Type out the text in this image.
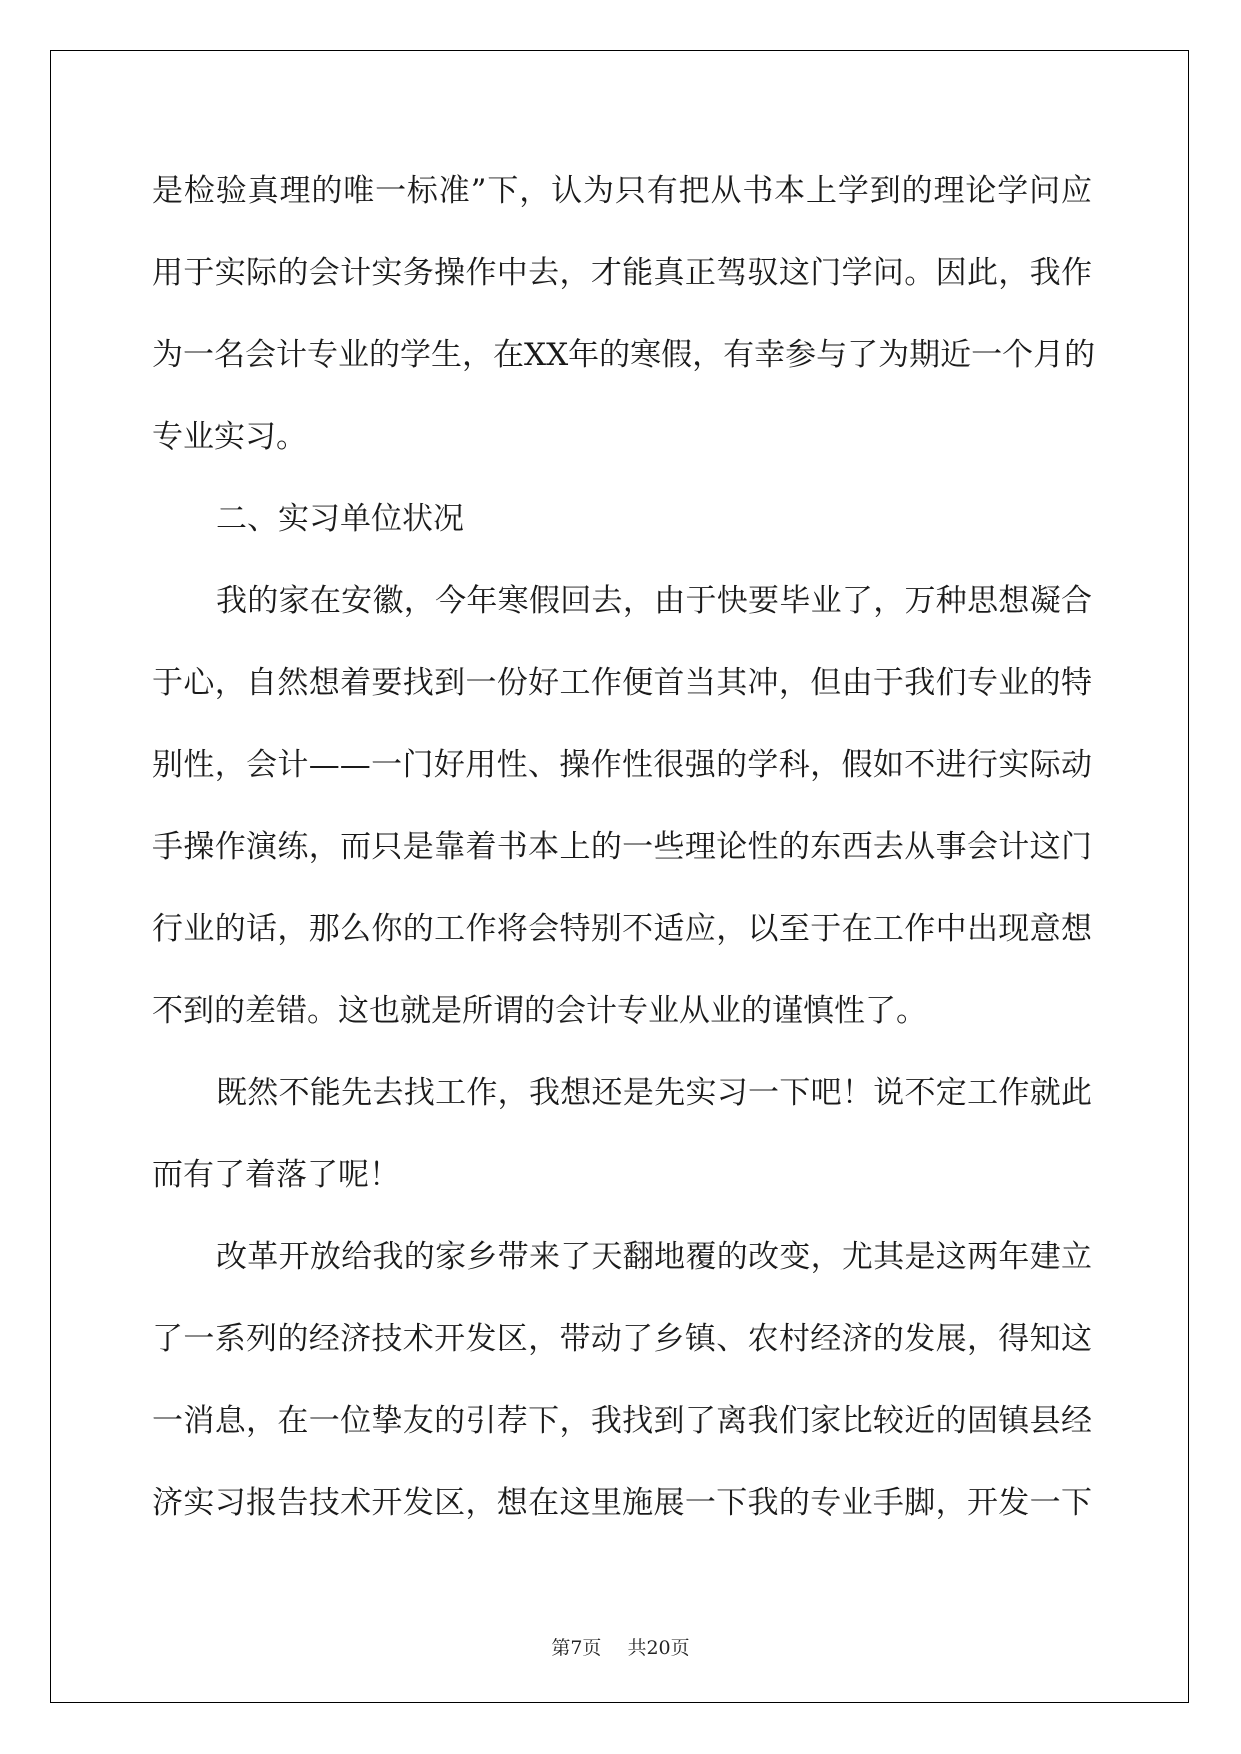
是检验真理的唯一标准”下，认为只有把从书本上学到的理论学问应
用于实际的会计实务操作中去，才能真正驾驭这门学问。因此，我作
为一名会计专业的学生，在XX年的寒假，有幸参与了为期近一个月的
专业实习。
二、实习单位状况
我的家在安徽，今年寒假回去，由于快要毕业了，万种思想凝合
于心，自然想着要找到一份好工作便首当其冲，但由于我们专业的特
别性，会计——一门好用性、操作性很强的学科，假如不进行实际动
手操作演练，而只是靠着书本上的一些理论性的东西去从事会计这门
行业的话，那么你的工作将会特别不适应，以至于在工作中出现意想
不到的差错。这也就是所谓的会计专业从业的谨慎性了。
既然不能先去找工作，我想还是先实习一下吧！说不定工作就此
而有了着落了呢！
改革开放给我的家乡带来了天翻地覆的改变，尤其是这两年建立
了一系列的经济技术开发区，带动了乡镇、农村经济的发展，得知这
一消息，在一位挚友的引荐下，我找到了离我们家比较近的固镇县经
济实习报告技术开发区，想在这里施展一下我的专业手脚，开发一下
第7页 共20页
